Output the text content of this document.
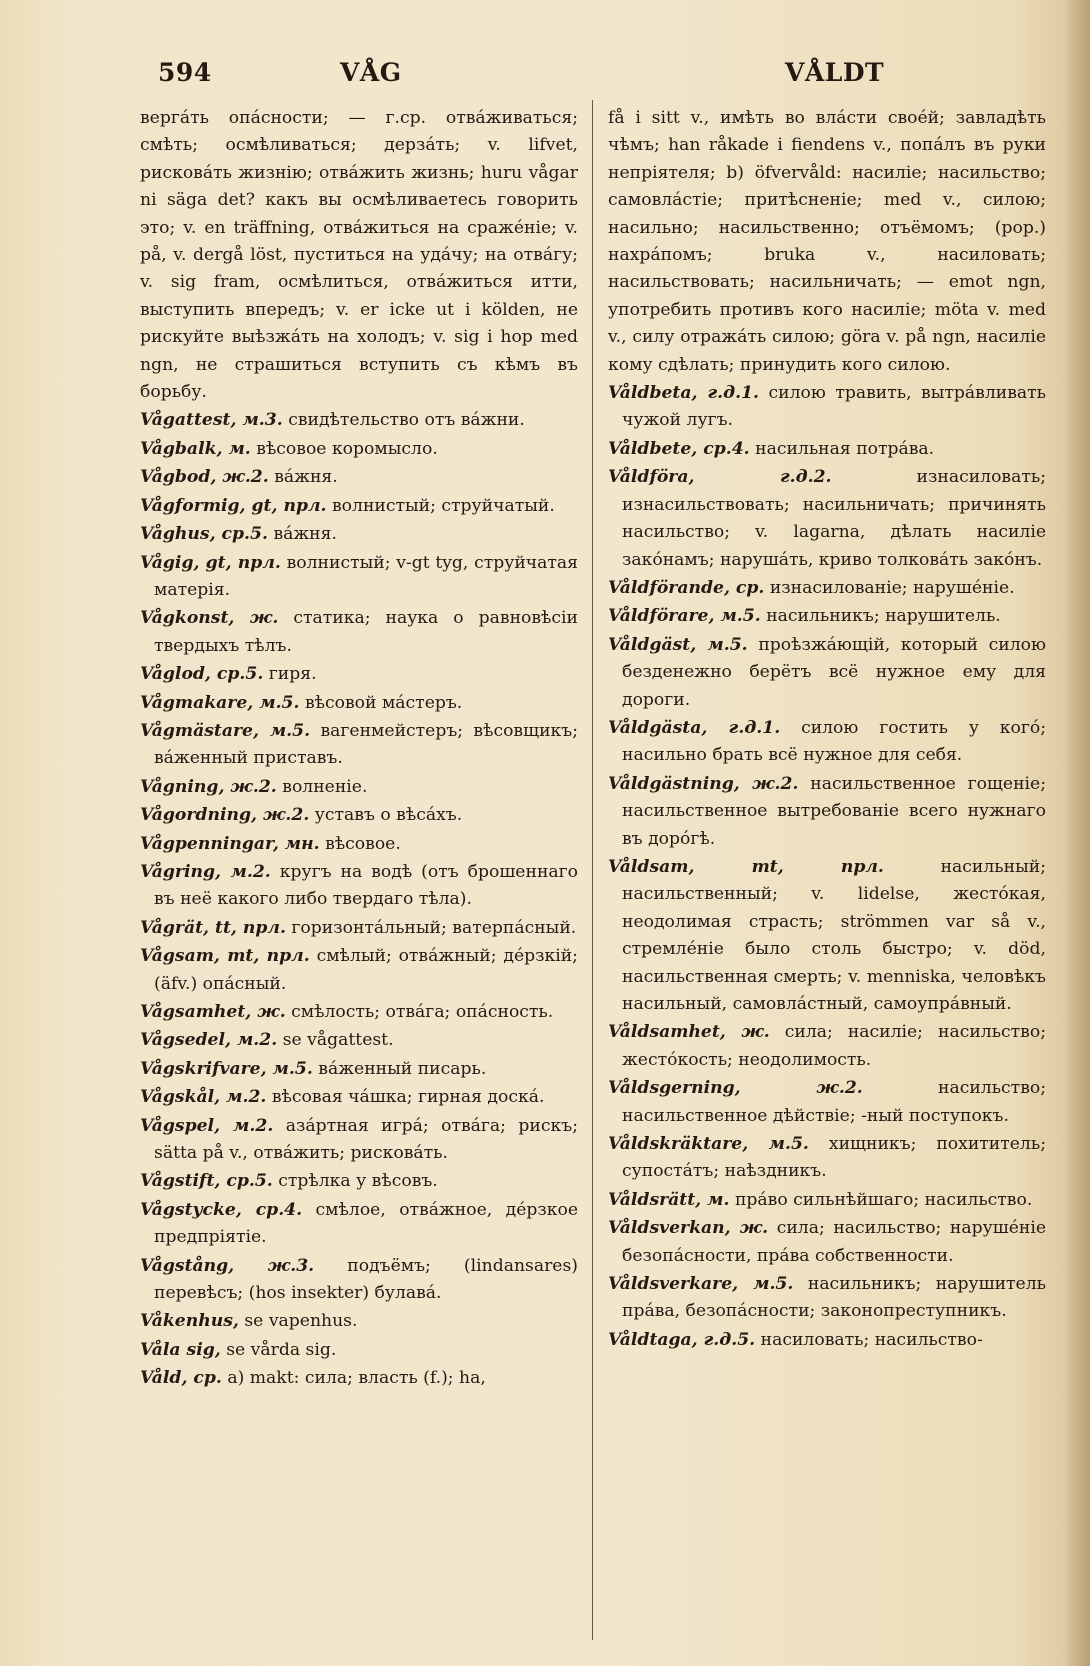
594	VÅG	VÅLDT
вергáть опáсности; — г.ср. отвáживаться; смѣть; осмѣливаться; дерзáть; v. lifvet, рисковáть жизнію; отвáжить жизнь; huru vågar ni säga det? какъ вы осмѣливаетесь говорить это; v. en träffning, отвáжиться на сражéніе; v. på, v. dergå löst, пуститься на удáчу; на отвáгу; v. sig fram, осмѣлиться, отвáжиться итти, выступить впередъ; v. er icke ut i kölden, не рискуйте выѣзжáть на холодъ; v. sig i hop med ngn, не страшиться вступить съ кѣмъ въ борьбу.
Vågattest, м.3. свидѣтельство отъ вáжни.
Vågbalk, м. вѣсовое коромысло.
Vågbod, ж.2. вáжня.
Vågformig, gt, прл. волнистый; струйчатый.
Våghus, ср.5. вáжня.
Vågig, gt, прл. волнистый; v-gt tyg, струйчатая матерія.
Vågkonst, ж. статика; наука о равновѣсіи твердыхъ тѣлъ.
Våglod, ср.5. гиря.
Vågmakare, м.5. вѣсовой мáстеръ.
Vågmästare, м.5. вагенмейстеръ; вѣсовщикъ; вáженный приставъ.
Vågning, ж.2. волненіе.
Vågordning, ж.2. уставъ о вѣсáхъ.
Vågpenningar, мн. вѣсовое.
Vågring, м.2. кругъ на водѣ (отъ брошеннаго въ неё какого либо твердаго тѣла).
Vågrät, tt, прл. горизонтáльный; ватерпáсный.
Vågsam, mt, прл. смѣлый; отвáжный; дéрзкій; (äfv.) опáсный.
Vågsamhet, ж. смѣлость; отвáга; опáсность.
Vågsedel, м.2. se vågattest.
Vågskrifvare, м.5. вáженный писарь.
Vågskål, м.2. вѣсовая чáшка; гирная доскá.
Vågspel, м.2. азáртная игрá; отвáга; рискъ; sätta på v., отвáжить; рисковáть.
Vågstift, ср.5. стрѣлка у вѣсовъ.
Vågstycke, ср.4. смѣлое, отвáжное, дéрзкое предпріятіе.
Vågstång, ж.3. подъёмъ; (lindansares) перевѣсъ; (hos insekter) булавá.
Våkenhus, se vapenhus.
Våla sig, se vårda sig.
Våld, ср. a) makt: сила; власть (f.); ha,
få i sitt v., имѣть во влáсти своéй; завладѣть чѣмъ; han råkade i fiendens v., попáлъ въ руки непріятеля; b) öfvervåld: насиліе; насильство; самовлáстіе; притѣсненіе; med v., силою; насильно; насильственно; отъёмомъ; (pop.) нахрáпомъ; bruka v., насиловать; насильствовать; насильничать; — emot ngn, употребить противъ кого насиліе; möta v. med v., силу отражáть силою; göra v. på ngn, насиліе кому сдѣлать; принудить кого силою.
Våldbeta, г.д.1. силою травить, вытрáвливать чужой лугъ.
Våldbete, ср.4. насильная потрáва.
Våldföra, г.д.2.	изнасиловать; изнасильствовать; насильничать; причинять насильство; v. lagarna, дѣлать насиліе закóнамъ; нарушáть, криво толковáть закóнъ.
Våldförande, ср. изнасилованіе; нарушéніе.
Våldförare, м.5. насильникъ; нарушитель.
Våldgäst, м.5. проѣзжáющій, который силою безденежно берётъ всё нужное ему для дороги.
Våldgästa, г.д.1. силою гостить у когó; насильно брать всё нужное для себя.
Våldgästning, ж.2. насильственное гощеніе; насильственное вытребованіе всего нужнаго въ дорóгѣ.
Våldsam, mt, прл.	насильный; насильственный; v. lidelse, жестóкая, неодолимая страсть; strömmen var så v., стремлéніе было столь быстро; v. död, насильственная смерть; v. menniska, человѣкъ насильный, самовлáстный, самоупрáвный.
Våldsamhet, ж. сила; насиліе; насильство; жестóкость; неодолимость.
Våldsgerning, ж.2.	насильство; насильственное дѣйствіе; -ный поступокъ.
Våldskräktare, м.5. хищникъ; похититель; супостáтъ; наѣздникъ.
Våldsrätt, м. прáво сильнѣйшаго; насильство.
Våldsverkan, ж. сила; насильство; нарушéніе безопáсности, прáва собственности.
Våldsverkare, м.5. насильникъ; нарушитель прáва, безопáсности; законопреступникъ.
Våldtaga, г.д.5. насиловать; насильство-
